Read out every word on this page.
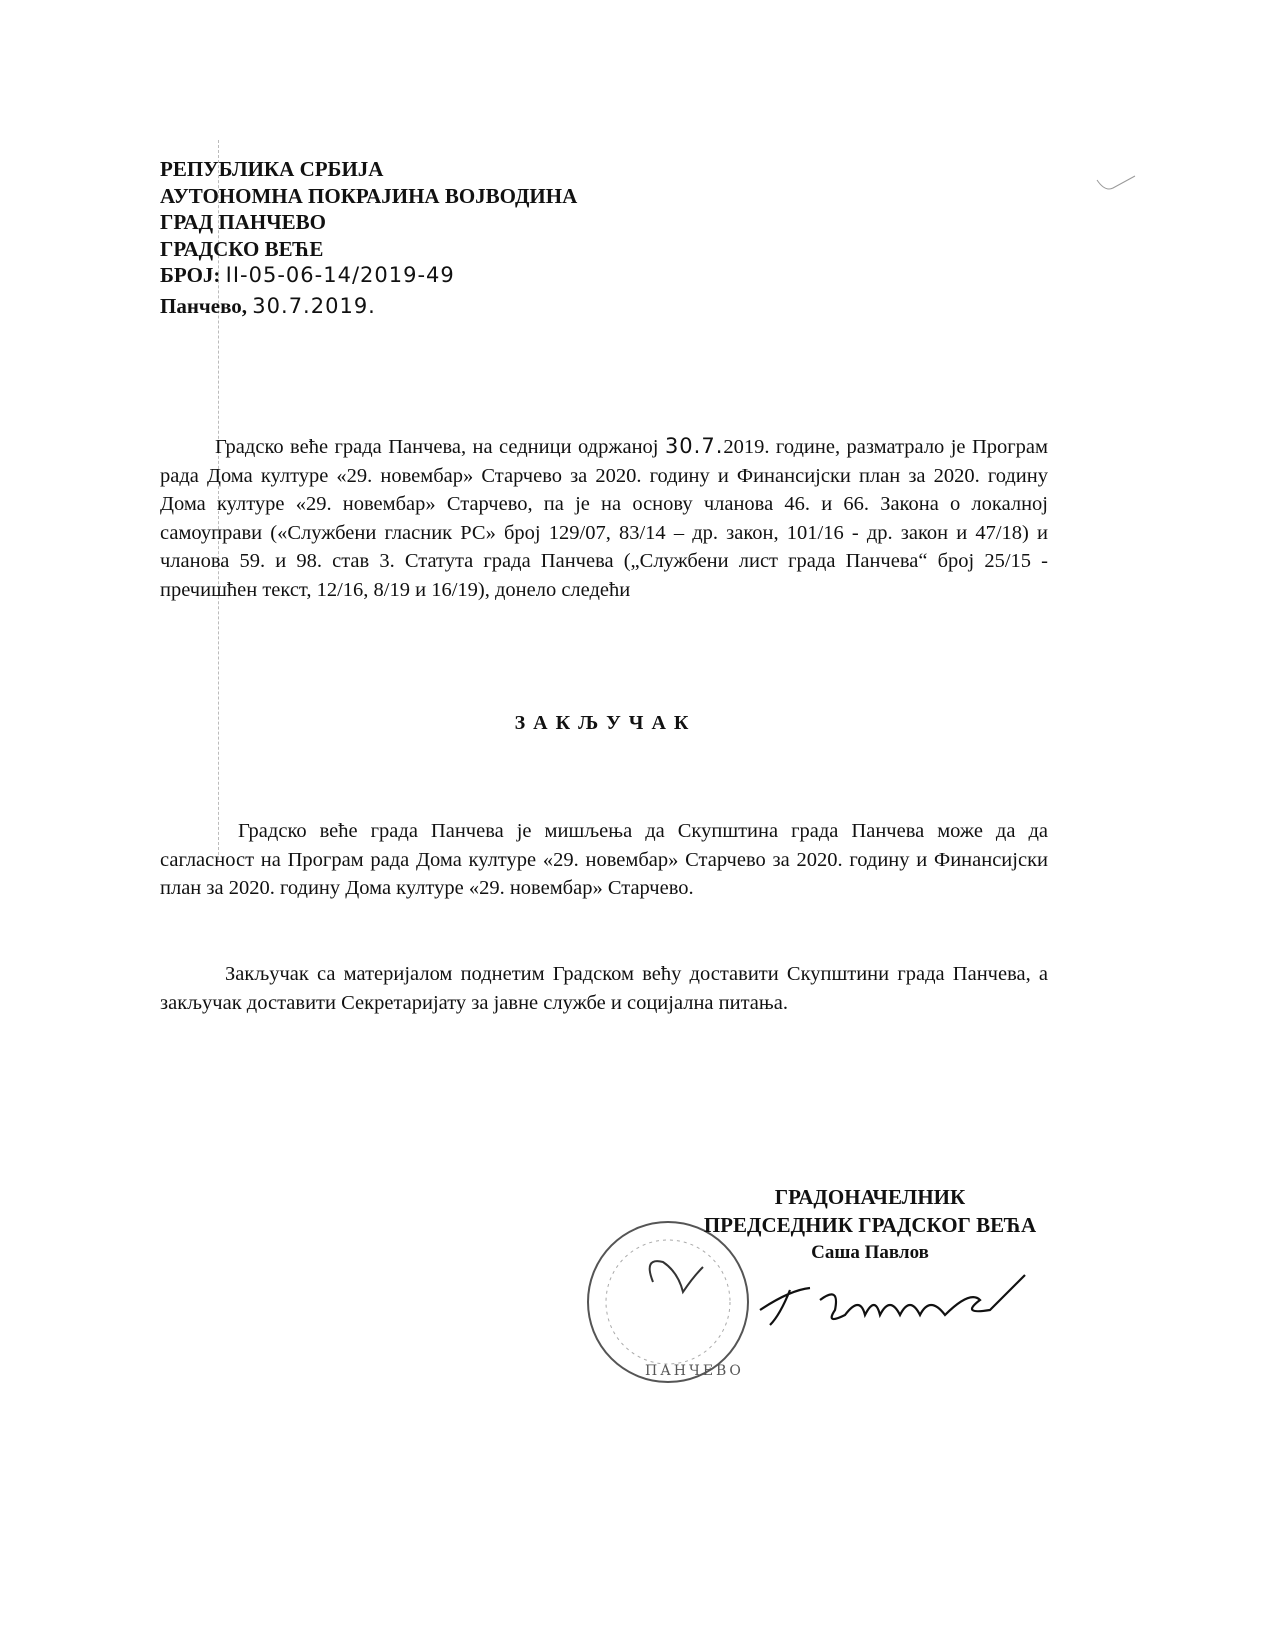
РЕПУБЛИКА СРБИЈА
АУТОНОМНА ПОКРАЈИНА ВОЈВОДИНА
ГРАД ПАНЧЕВО
ГРАДСКО ВЕЋЕ
БРОЈ: II-05-06-14/2019-49
Панчево, 30.7.2019.
Градско веће града Панчева, на седници одржаној 30.7.2019. године, разматрало је Програм рада Дома културе «29. новембар» Старчево за 2020. годину и Финансијски план за 2020. годину Дома културе «29. новембар» Старчево, па је на основу чланова 46. и 66. Закона о локалној самоуправи («Службени гласник РС» број 129/07, 83/14 – др. закон, 101/16 - др. закон и 47/18) и чланова 59. и 98. став 3. Статута града Панчева („Службени лист града Панчева“ број 25/15 - пречишћен текст, 12/16, 8/19 и 16/19), донело следећи
ЗАКЉУЧАК
Градско веће града Панчева је мишљења да Скупштина града Панчева може да да сагласност на Програм рада Дома културе «29. новембар» Старчево за 2020. годину и Финансијски план за 2020. годину Дома културе «29. новембар» Старчево.
Закључак са материјалом поднетим Градском већу доставити Скупштини града Панчева, а закључак доставити Секретаријату за јавне службе и социјална питања.
ПАНЧЕВО
ГРАДОНАЧЕЛНИК
ПРЕДСЕДНИК ГРАДСКОГ ВЕЋА
Саша Павлов
